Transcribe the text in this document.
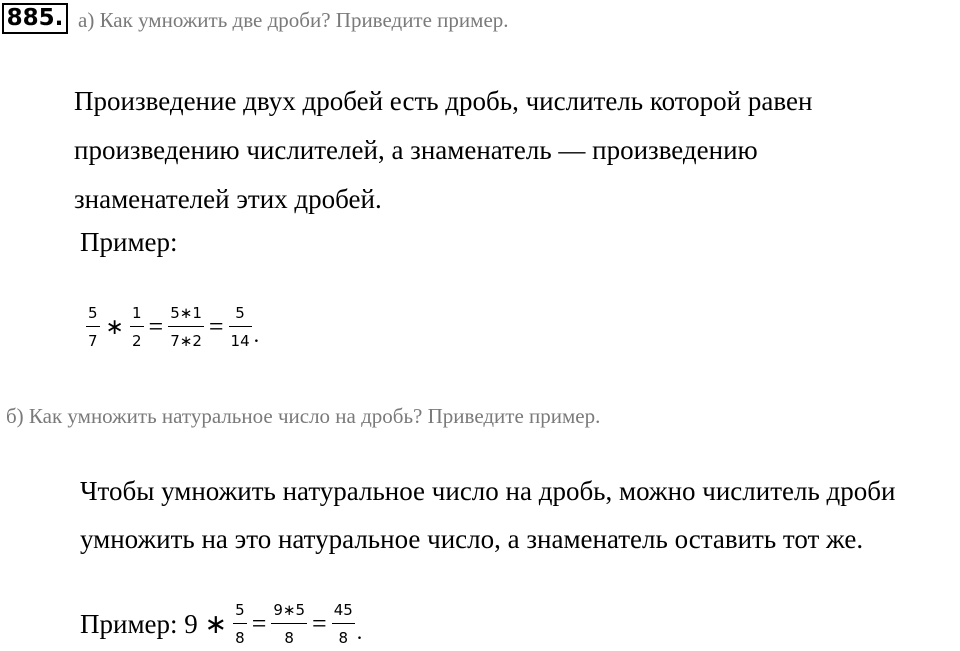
885. а) Как умножить две дроби? Приведите пример.
Произведение двух дробей есть дробь, числитель которой равен
произведению числителей, а знаменатель — произведению
знаменателей этих дробей.
Пример:
$\frac{5}{7}$ ∗ $\frac{1}{2} = \frac{5∗1}{7∗2} = \frac{5}{14}$ .
б) Как умножить натуральное число на дробь? Приведите пример.
Чтобы умножить натуральное число на дробь, можно числитель дроби
умножить на это натуральное число, а знаменатель оставить тот же.
Пример: 9 ∗ $\frac{5}{8} = \frac{9∗5}{8} = \frac{45}{8}$ .
